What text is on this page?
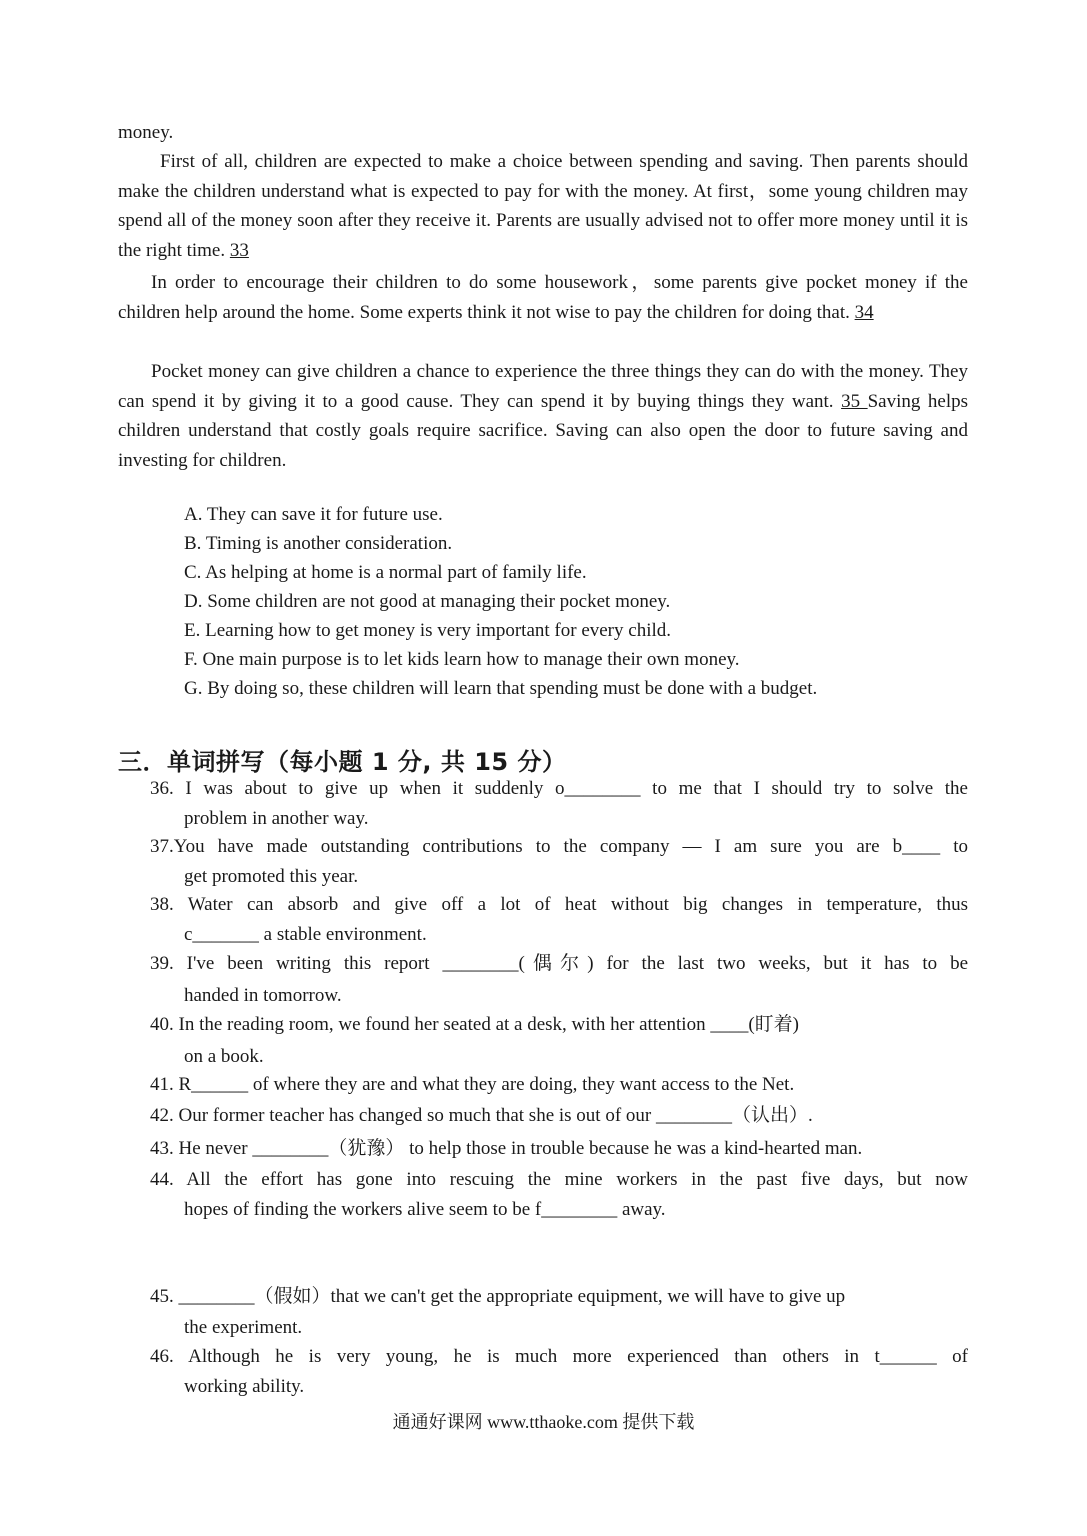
money.

First of all, children are expected to make a choice between spending and saving. Then parents should make the children understand what is expected to pay for with the money. At first，some young children may spend all of the money soon after they receive it. Parents are usually advised not to offer more money until it is the right time. 33

In order to encourage their children to do some housework，some parents give pocket money if the children help around the home. Some experts think it not wise to pay the children for doing that. 34

Pocket money can give children a chance to experience the three things they can do with the money. They can spend it by giving it to a good cause. They can spend it by buying things they want. 35 Saving helps children understand that costly goals require sacrifice. Saving can also open the door to future saving and investing for children.

A. They can save it for future use.
B. Timing is another consideration.
C. As helping at home is a normal part of family life.
D. Some children are not good at managing their pocket money.
E. Learning how to get money is very important for every child.
F. One main purpose is to let kids learn how to manage their own money.
G. By doing so, these children will learn that spending must be done with a budget.
三．单词拼写（每小题 1 分, 共 15 分）
36. I was about to give up when it suddenly o________ to me that I should try to solve the
problem in another way.
37.You have made outstanding contributions to the company — I am sure you are b____ to
get promoted this year.
38. Water can absorb and give off a lot of heat without big changes in temperature, thus
c_______ a stable environment.
39. I've been writing this report ________(偶尔) for the last two weeks, but it has to be
handed in tomorrow.
40. In the reading room, we found her seated at a desk, with her attention ____(盯着)
on a book.
41. R______ of where they are and what they are doing, they want access to the Net.
42. Our former teacher has changed so much that she is out of our ________（认出）.
43. He never ________（犹豫） to help those in trouble because he was a kind-hearted man.
44. All the effort has gone into rescuing the mine workers in the past five days, but now
hopes of finding the workers alive seem to be f________ away.
45. ________（假如）that we can't get the appropriate equipment, we will have to give up
the experiment.
46. Although he is very young, he is much more experienced than others in t______ of
working ability.
通通好课网 www.tthaoke.com 提供下载
